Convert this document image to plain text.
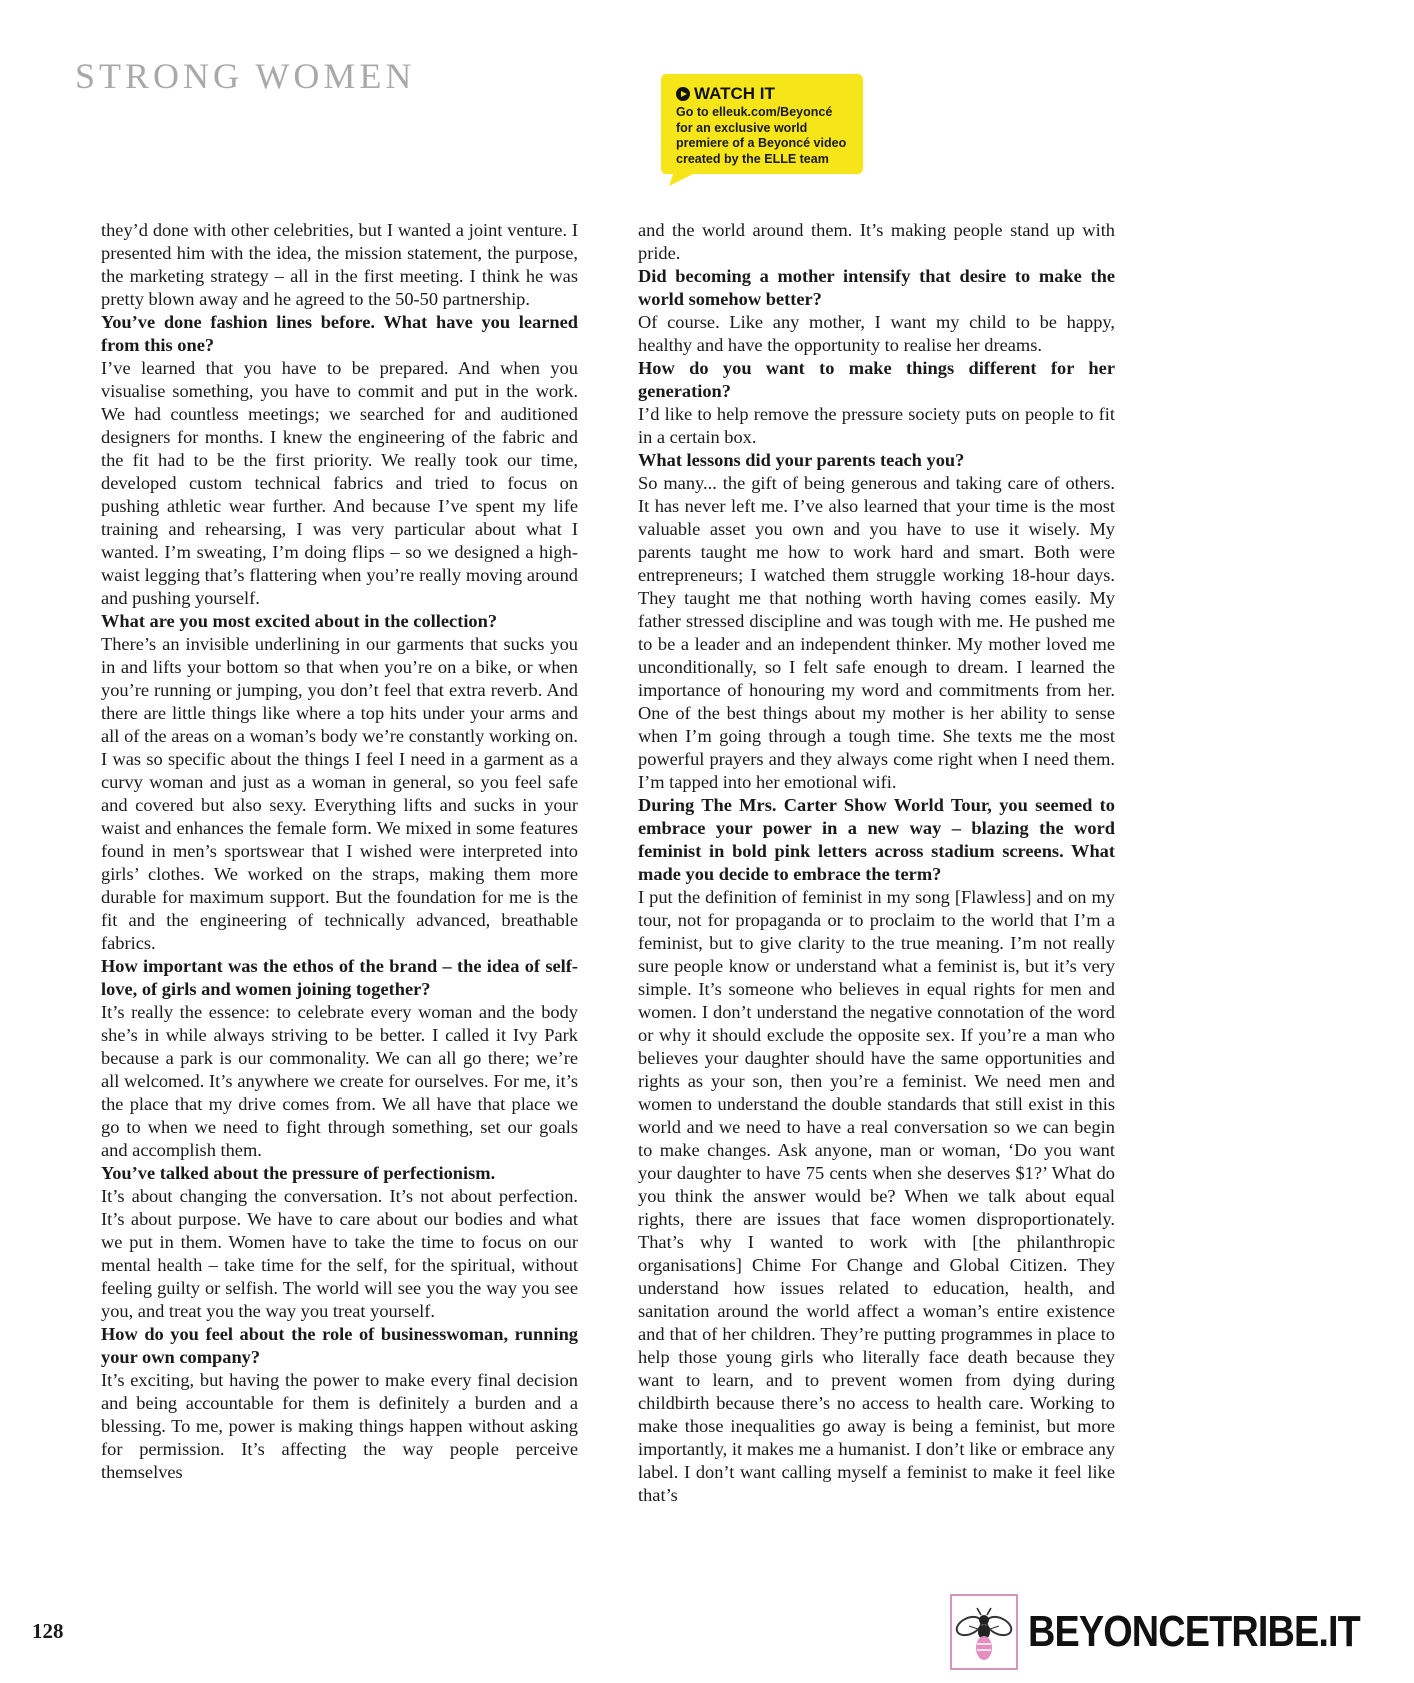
STRONG WOMEN	WATCH IT
Go to elleuk.com/Beyoncé
for an exclusive world
premiere of a Beyoncé video
created by the ELLE team

they’d done with other celebrities, but I wanted a joint venture. I presented him with the idea, the mission statement, the purpose, the marketing strategy – all in the first meeting. I think he was pretty blown away and he agreed to the 50-50 partnership.

You’ve done fashion lines before. What have you learned from this one?

I’ve learned that you have to be prepared. And when you visualise something, you have to commit and put in the work. We had countless meetings; we searched for and auditioned designers for months. I knew the engineering of the fabric and the fit had to be the first priority. We really took our time, developed custom technical fabrics and tried to focus on pushing athletic wear further. And because I’ve spent my life training and rehearsing, I was very particular about what I wanted. I’m sweating, I’m doing flips – so we designed a high-waist legging that’s flattering when you’re really moving around and pushing yourself.

What are you most excited about in the collection?

There’s an invisible underlining in our garments that sucks you in and lifts your bottom so that when you’re on a bike, or when you’re running or jumping, you don’t feel that extra reverb. And there are little things like where a top hits under your arms and all of the areas on a woman’s body we’re constantly working on. I was so specific about the things I feel I need in a garment as a curvy woman and just as a woman in general, so you feel safe and covered but also sexy. Everything lifts and sucks in your waist and enhances the female form. We mixed in some features found in men’s sportswear that I wished were interpreted into girls’ clothes. We worked on the straps, making them more durable for maximum support. But the foundation for me is the fit and the engineering of technically advanced, breathable fabrics.

How important was the ethos of the brand – the idea of self-love, of girls and women joining together?

It’s really the essence: to celebrate every woman and the body she’s in while always striving to be better. I called it Ivy Park because a park is our commonality. We can all go there; we’re all welcomed. It’s anywhere we create for ourselves. For me, it’s the place that my drive comes from. We all have that place we go to when we need to fight through something, set our goals and accomplish them.

You’ve talked about the pressure of perfectionism.

It’s about changing the conversation. It’s not about perfection. It’s about purpose. We have to care about our bodies and what we put in them. Women have to take the time to focus on our mental health – take time for the self, for the spiritual, without feeling guilty or selfish. The world will see you the way you see you, and treat you the way you treat yourself.

How do you feel about the role of businesswoman, running your own company?

It’s exciting, but having the power to make every final decision and being accountable for them is definitely a burden and a blessing. To me, power is making things happen without asking for permission. It’s affecting the way people perceive themselves

and the world around them. It’s making people stand up with pride.

Did becoming a mother intensify that desire to make the world somehow better?

Of course. Like any mother, I want my child to be happy, healthy and have the opportunity to realise her dreams.

How do you want to make things different for her generation?

I’d like to help remove the pressure society puts on people to fit in a certain box.

What lessons did your parents teach you?

So many... the gift of being generous and taking care of others. It has never left me. I’ve also learned that your time is the most valuable asset you own and you have to use it wisely. My parents taught me how to work hard and smart. Both were entrepreneurs; I watched them struggle working 18-hour days. They taught me that nothing worth having comes easily. My father stressed discipline and was tough with me. He pushed me to be a leader and an independent thinker. My mother loved me unconditionally, so I felt safe enough to dream. I learned the importance of honouring my word and commitments from her. One of the best things about my mother is her ability to sense when I’m going through a tough time. She texts me the most powerful prayers and they always come right when I need them. I’m tapped into her emotional wifi.

During The Mrs. Carter Show World Tour, you seemed to embrace your power in a new way – blazing the word feminist in bold pink letters across stadium screens. What made you decide to embrace the term?

I put the definition of feminist in my song [Flawless] and on my tour, not for propaganda or to proclaim to the world that I’m a feminist, but to give clarity to the true meaning. I’m not really sure people know or understand what a feminist is, but it’s very simple. It’s someone who believes in equal rights for men and women. I don’t understand the negative connotation of the word or why it should exclude the opposite sex. If you’re a man who believes your daughter should have the same opportunities and rights as your son, then you’re a feminist. We need men and women to understand the double standards that still exist in this world and we need to have a real conversation so we can begin to make changes. Ask anyone, man or woman, ‘Do you want your daughter to have 75 cents when she deserves $1?’ What do you think the answer would be? When we talk about equal rights, there are issues that face women disproportionately. That’s why I wanted to work with [the philanthropic organisations] Chime For Change and Global Citizen. They understand how issues related to education, health, and sanitation around the world affect a woman’s entire existence and that of her children. They’re putting programmes in place to help those young girls who literally face death because they want to learn, and to prevent women from dying during childbirth because there’s no access to health care. Working to make those inequalities go away is being a feminist, but more importantly, it makes me a humanist. I don’t like or embrace any label. I don’t want calling myself a feminist to make it feel like that’s

128	BEYONCETRIBE.IT
